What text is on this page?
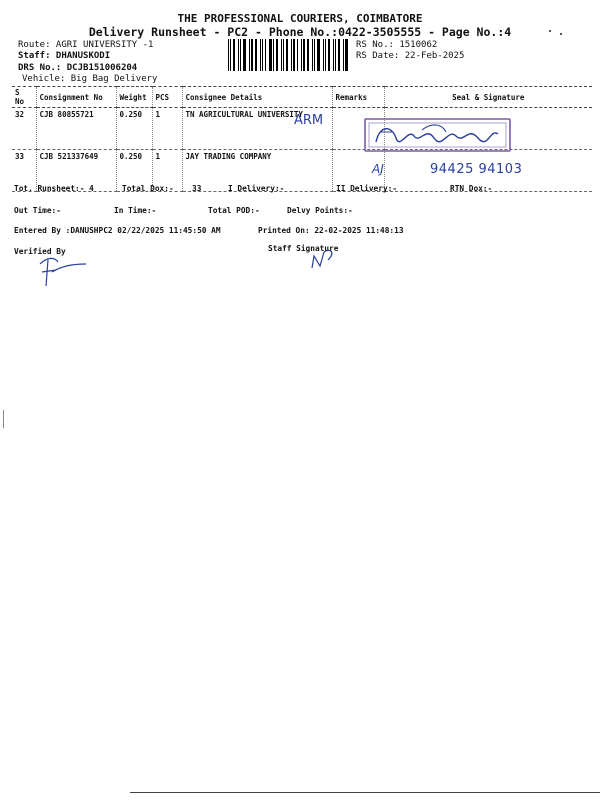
THE PROFESSIONAL COURIERS, COIMBATORE
Delivery Runsheet - PC2 - Phone No.:0422-3505555 - Page No.:4
Route: AGRI UNIVERSITY -1
Staff: DHANUSKODI
DRS No.: DCJB151006204
Vehicle: Big Bag Delivery
RS No.: 1510062
RS Date: 22-Feb-2025
S No	Consignment No	Weight	PCS	Consignee Details	Remarks	Seal & Signature
32	CJB 80855721	0.250	1	TN AGRICULTURAL UNIVERSITY		
33	CJB 521337649	0.250	1	JAY TRADING COMPANY		
ARM
AJ	94425 94103
Tot. Runsheet:- 4	Total Dox:- 33	I Delivery:-	II Delivery:-	RTN Dox:-
Out Time:-	In Time:-	Total POD:-	Delvy Points:-
Entered By :DANUSHPC2 02/22/2025 11:45:50 AM	Printed On: 22-02-2025 11:48:13
Verified By	Staff Signature
